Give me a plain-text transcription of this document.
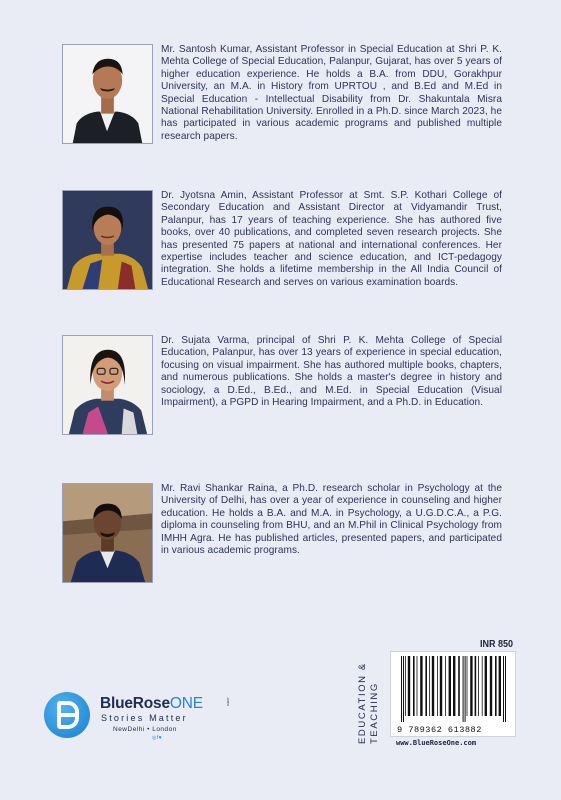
Mr. Santosh Kumar, Assistant Professor in Special Education at Shri P. K. Mehta College of Special Education, Palanpur, Gujarat, has over 5 years of higher education experience. He holds a B.A. from DDU, Gorakhpur University, an M.A. in History from UPRTOU , and B.Ed and M.Ed in Special Education - Intellectual Disability from Dr. Shakuntala Misra National Rehabilitation University. Enrolled in a Ph.D. since March 2023, he has participated in various academic programs and published multiple research papers.
Dr. Jyotsna Amin, Assistant Professor at Smt. S.P. Kothari College of Secondary Education and Assistant Director at Vidyamandir Trust, Palanpur, has 17 years of teaching experience. She has authored five books, over 40 publications, and completed seven research projects. She has presented 75 papers at national and international conferences. Her expertise includes teacher and science education, and ICT-pedagogy integration. She holds a lifetime membership in the All India Council of Educational Research and serves on various examination boards.
Dr. Sujata Varma, principal of Shri P. K. Mehta College of Special Education, Palanpur, has over 13 years of experience in special education, focusing on visual impairment. She has authored multiple books, chapters, and numerous publications. She holds a master's degree in history and sociology, a D.Ed., B.Ed., and M.Ed. in Special Education (Visual Impairment), a PGPD in Hearing Impairment, and a Ph.D. in Education.
Mr. Ravi Shankar Raina, a Ph.D. research scholar in Psychology at the University of Delhi, has over a year of experience in counseling and higher education. He holds a B.A. and M.A. in Psychology, a U.G.D.C.A., a P.G. diploma in counseling from BHU, and an M.Phil in Clinical Psychology from IMHH Agra. He has published articles, presented papers, and participated in various academic programs.
BlueRoseONE	.com
Stories Matter
NewDelhi • London
◎f♥	EDUCATION & TEACHING
INR 850
9 789362 613882
www.BlueRoseOne.com
